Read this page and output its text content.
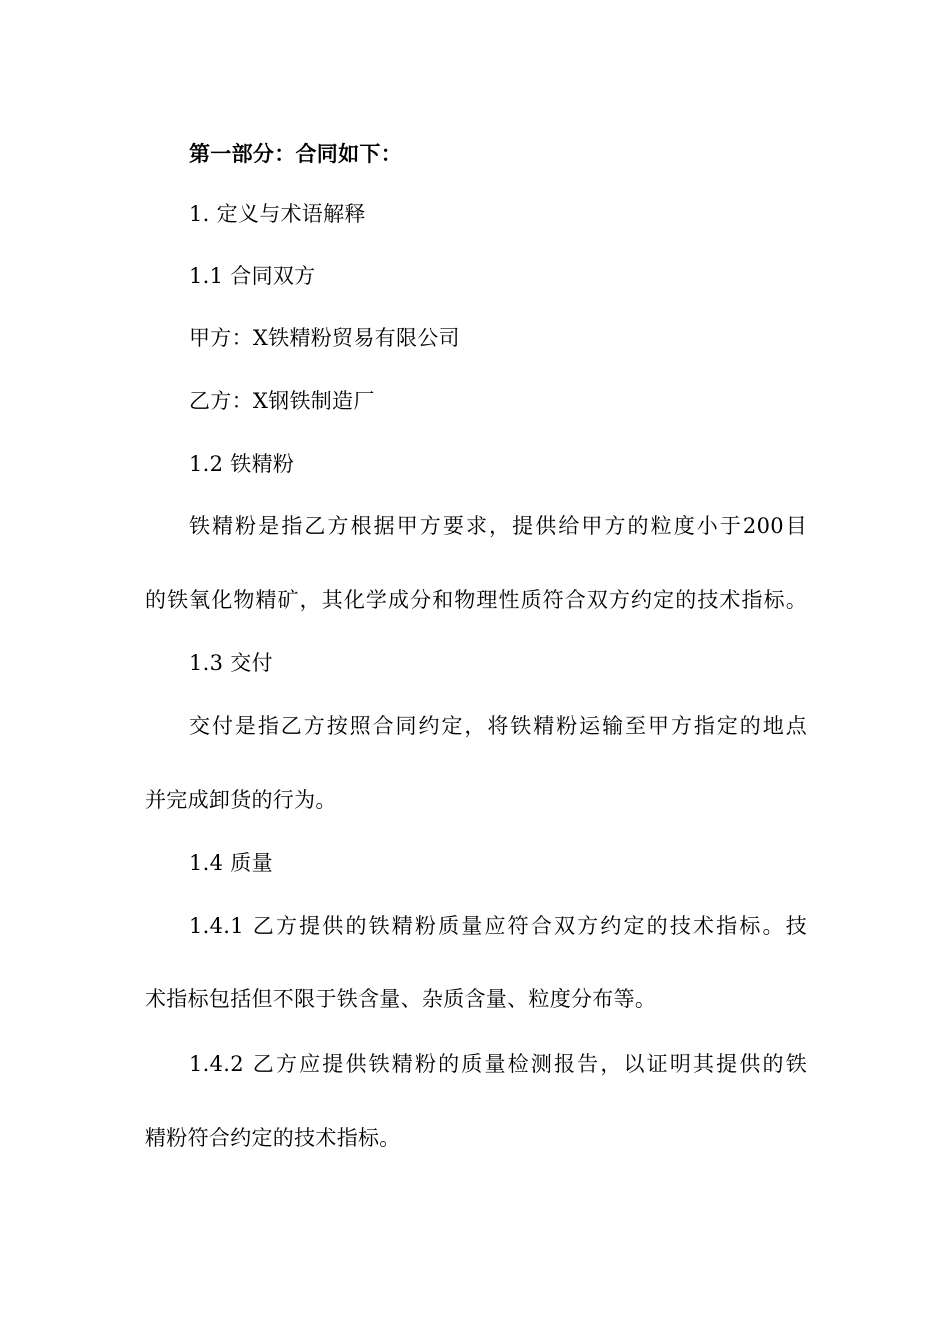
第一部分：合同如下：
1. 定义与术语解释
1.1 合同双方
甲方：X铁精粉贸易有限公司
乙方：X钢铁制造厂
1.2 铁精粉
铁精粉是指乙方根据甲方要求，提供给甲方的粒度小于200目
的铁氧化物精矿，其化学成分和物理性质符合双方约定的技术指标。
1.3 交付
交付是指乙方按照合同约定，将铁精粉运输至甲方指定的地点
并完成卸货的行为。
1.4 质量
1.4.1 乙方提供的铁精粉质量应符合双方约定的技术指标。技
术指标包括但不限于铁含量、杂质含量、粒度分布等。
1.4.2 乙方应提供铁精粉的质量检测报告，以证明其提供的铁
精粉符合约定的技术指标。
